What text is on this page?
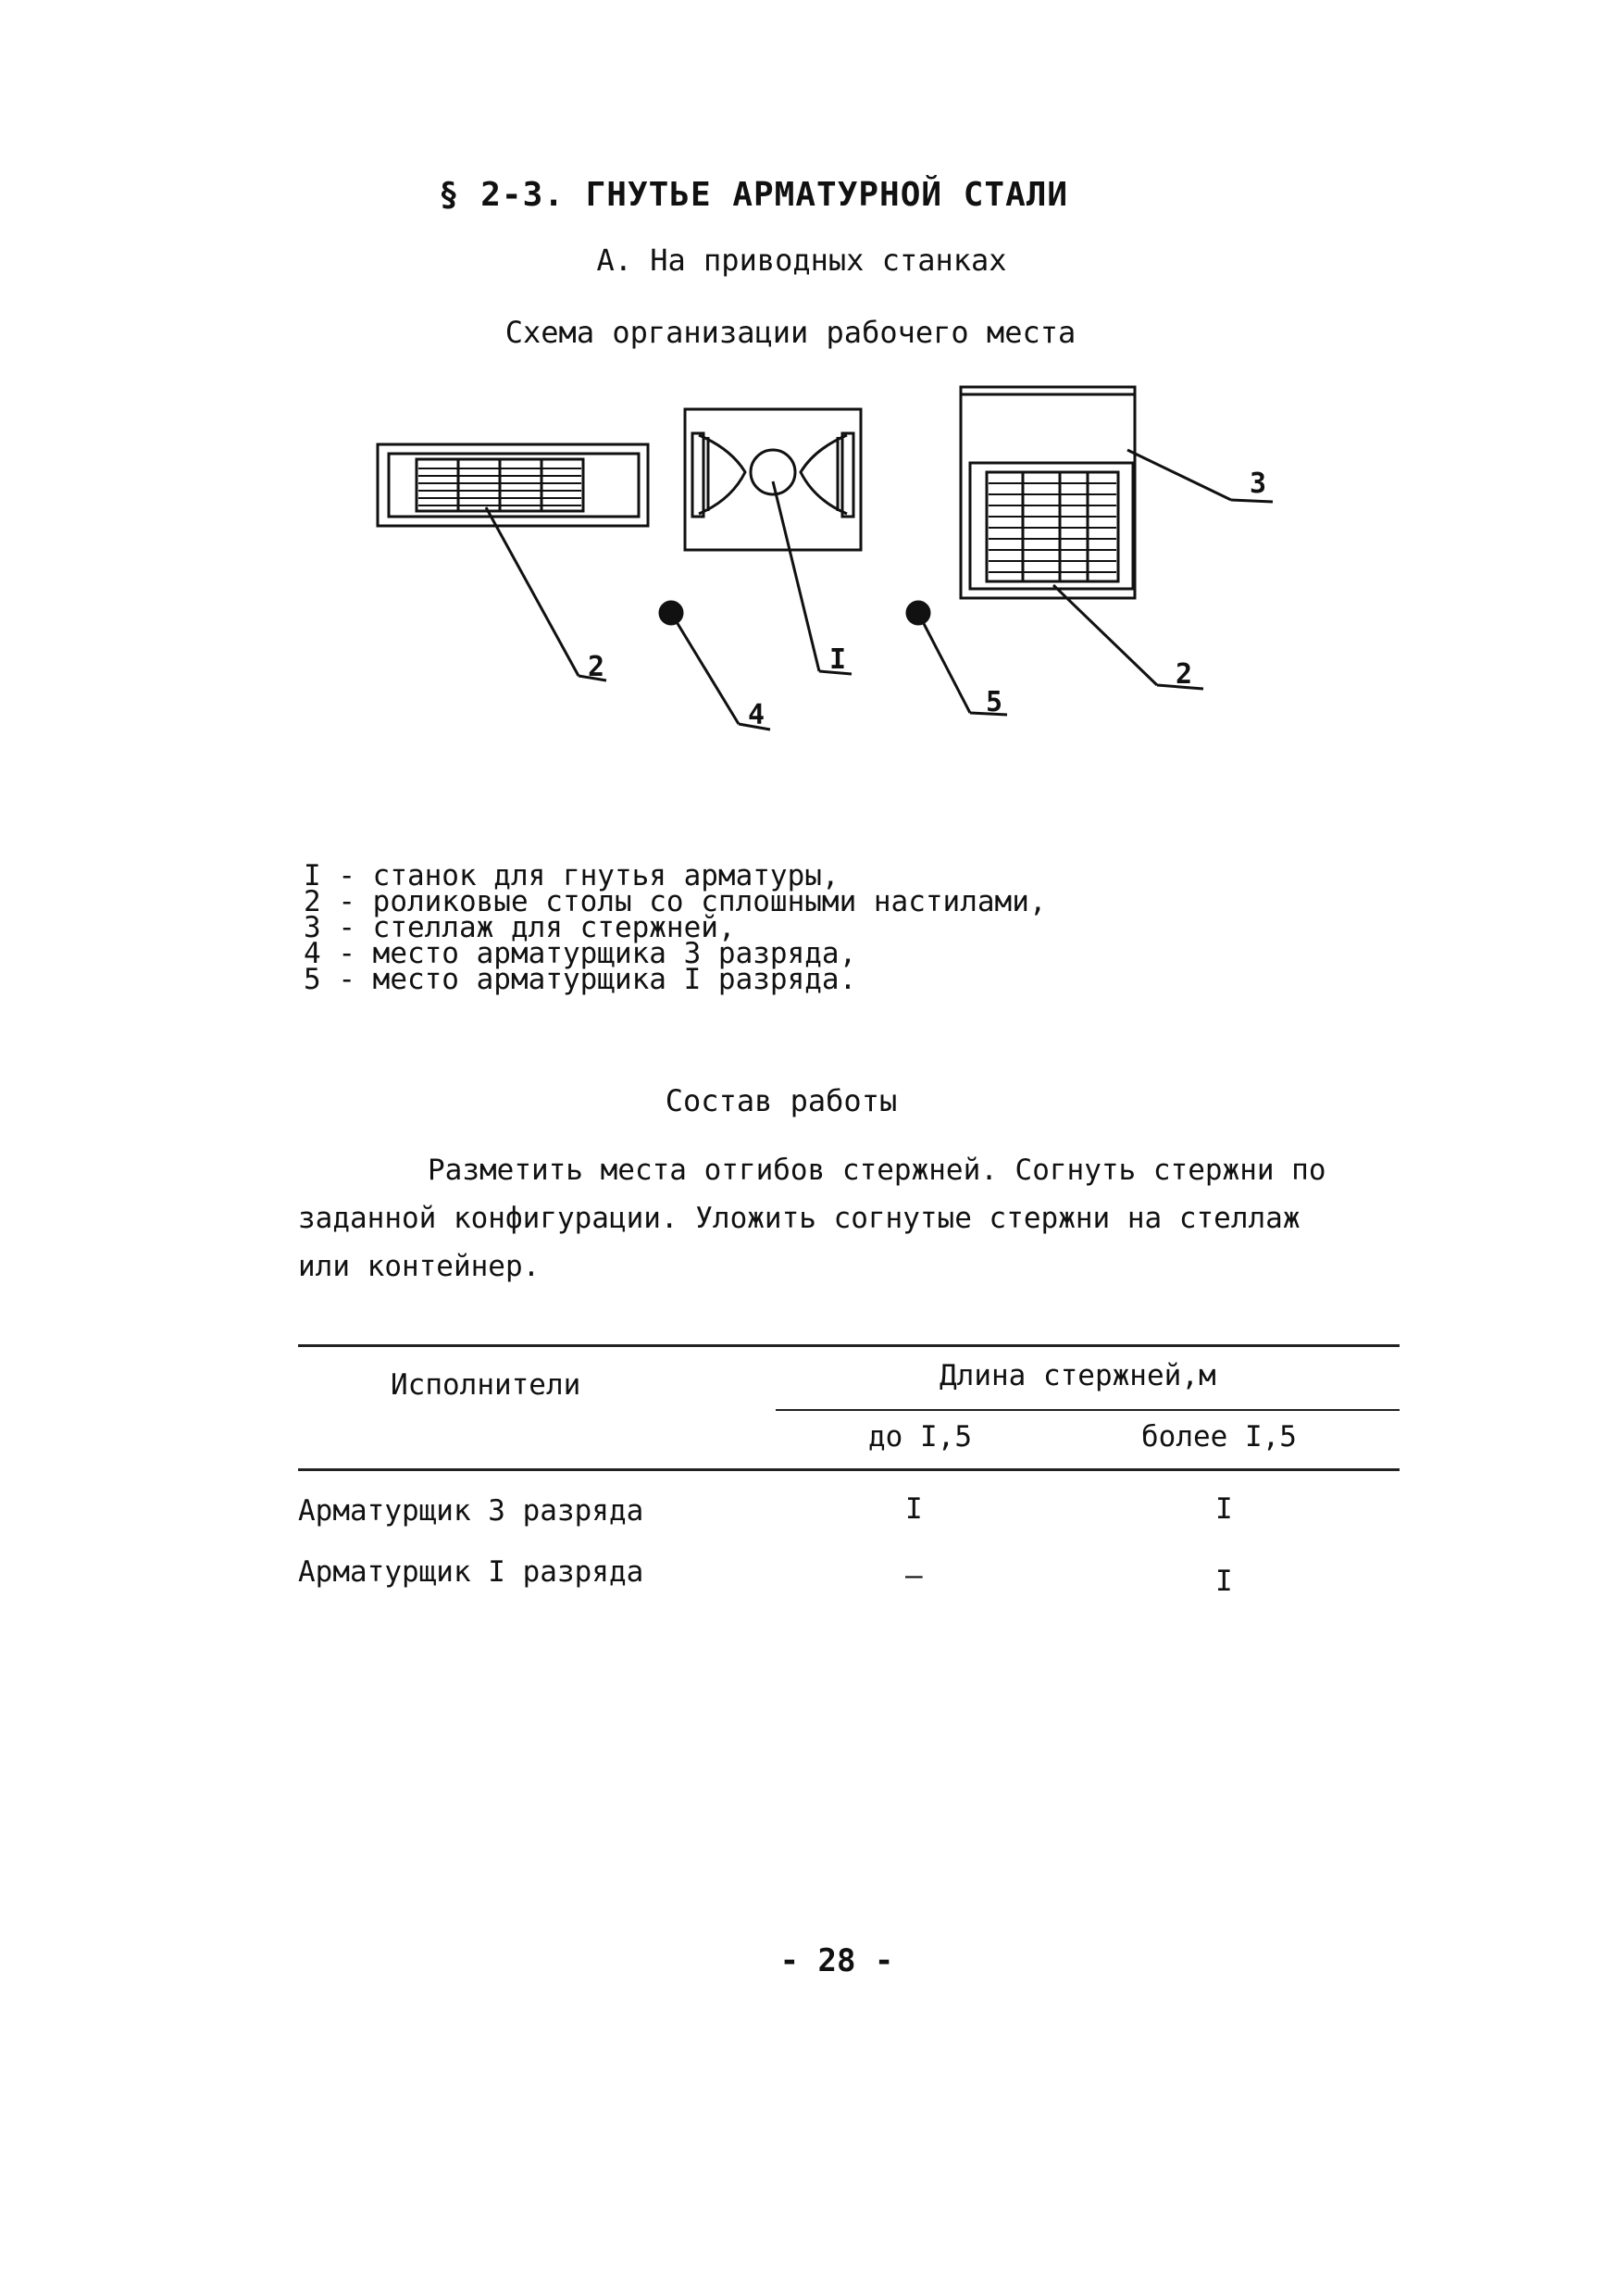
§ 2-3. ГНУТЬЕ АРМАТУРНОЙ СТАЛИ
А. На приводных станках
Схема организации рабочего места
2
4
I
5
3
2
I - станок для гнутья арматуры,
2 - роликовые столы со сплошными настилами,
3 - стеллаж для стержней,
4 - место арматурщика 3 разряда,
5 - место арматурщика I разряда.
Состав работы
Разметить места отгибов стержней. Согнуть стержни по заданной конфигурации. Уложить согнутые стержни на стеллаж или контейнер.
Исполнители	Длина стержней,м
до I,5	более I,5
Арматурщик 3 разряда	I	I
Арматурщик I разряда	–	I
- 28 -
